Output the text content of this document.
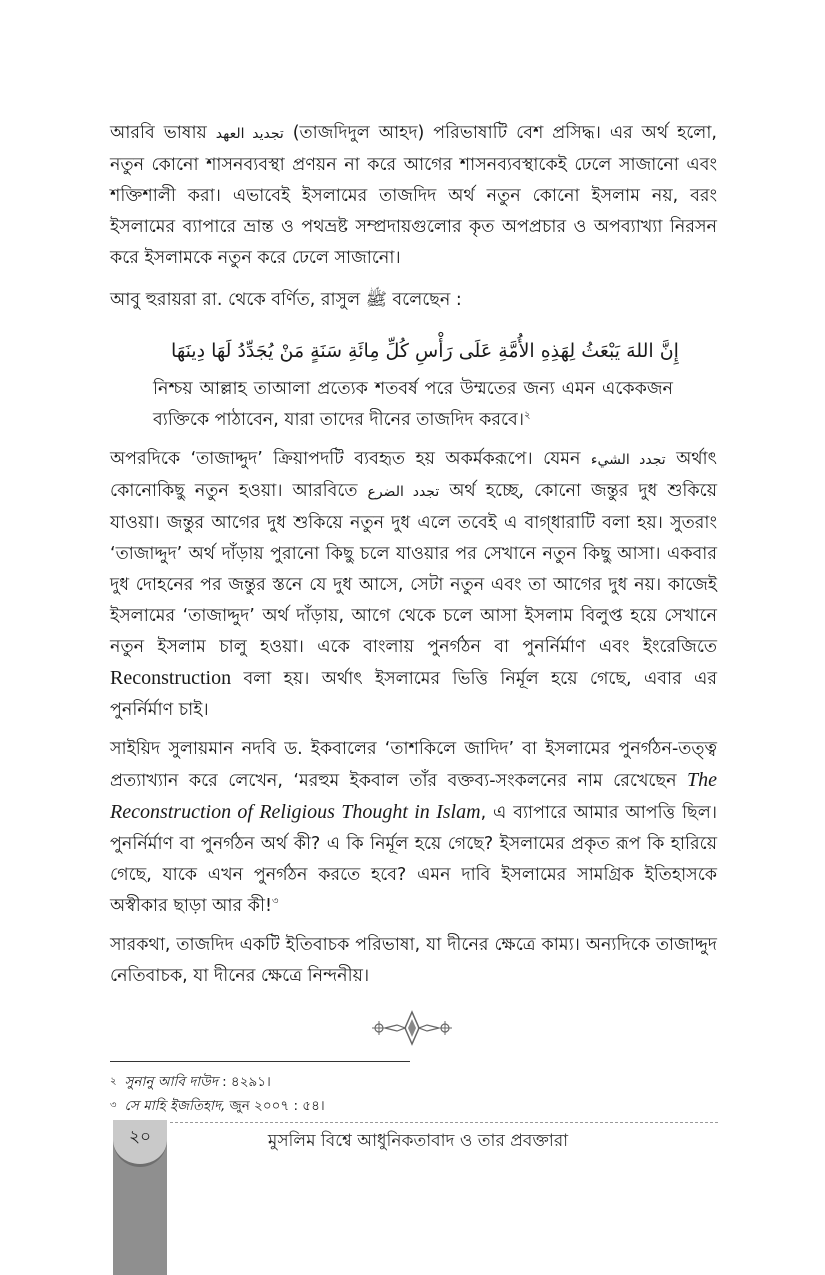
আরবি ভাষায় تجديد العهد (তাজদিদুল আহদ) পরিভাষাটি বেশ প্রসিদ্ধ। এর অর্থ হলো, নতুন কোনো শাসনব্যবস্থা প্রণয়ন না করে আগের শাসনব্যবস্থাকেই ঢেলে সাজানো এবং শক্তিশালী করা। এভাবেই ইসলামের তাজদিদ অর্থ নতুন কোনো ইসলাম নয়, বরং ইসলামের ব্যাপারে ভ্রান্ত ও পথভ্রষ্ট সম্প্রদায়গুলোর কৃত অপপ্রচার ও অপব্যাখ্যা নিরসন করে ইসলামকে নতুন করে ঢেলে সাজানো।

আবু হুরায়রা রা. থেকে বর্ণিত, রাসুল ﷺ বলেছেন :

إِنَّ اللهَ يَبْعَثُ لِهَذِهِ الأُمَّةِ عَلَى رَأْسِ كُلِّ مِائَةِ سَنَةٍ مَنْ يُجَدِّدُ لَهَا دِينَهَا
নিশ্চয় আল্লাহ তাআলা প্রত্যেক শতবর্ষ পরে উম্মতের জন্য এমন একেকজন ব্যক্তিকে পাঠাবেন, যারা তাদের দীনের তাজদিদ করবে।$^২$

অপরদিকে ‘তাজাদ্দুদ’ ক্রিয়াপদটি ব্যবহৃত হয় অকর্মকরূপে। যেমন تجدد الشيء অর্থাৎ কোনোকিছু নতুন হওয়া। আরবিতে تجدد الضرع অর্থ হচ্ছে, কোনো জন্তুর দুধ শুকিয়ে যাওয়া। জন্তুর আগের দুধ শুকিয়ে নতুন দুধ এলে তবেই এ বাগ্‌ধারাটি বলা হয়। সুতরাং ‘তাজাদ্দুদ’ অর্থ দাঁড়ায় পুরানো কিছু চলে যাওয়ার পর সেখানে নতুন কিছু আসা। একবার দুধ দোহনের পর জন্তুর স্তনে যে দুধ আসে, সেটা নতুন এবং তা আগের দুধ নয়। কাজেই ইসলামের ‘তাজাদ্দুদ’ অর্থ দাঁড়ায়, আগে থেকে চলে আসা ইসলাম বিলুপ্ত হয়ে সেখানে নতুন ইসলাম চালু হওয়া। একে বাংলায় পুনর্গঠন বা পুনর্নির্মাণ এবং ইংরেজিতে Reconstruction বলা হয়। অর্থাৎ ইসলামের ভিত্তি নির্মূল হয়ে গেছে, এবার এর পুনর্নির্মাণ চাই।

সাইয়িদ সুলায়মান নদবি ড. ইকবালের ‘তাশকিলে জাদিদ’ বা ইসলামের পুনর্গঠন-তত্ত্ব প্রত্যাখ্যান করে লেখেন, ‘মরহুম ইকবাল তাঁর বক্তব্য-সংকলনের নাম রেখেছেন The Reconstruction of Religious Thought in Islam, এ ব্যাপারে আমার আপত্তি ছিল। পুনর্নির্মাণ বা পুনর্গঠন অর্থ কী? এ কি নির্মূল হয়ে গেছে? ইসলামের প্রকৃত রূপ কি হারিয়ে গেছে, যাকে এখন পুনর্গঠন করতে হবে? এমন দাবি ইসলামের সামগ্রিক ইতিহাসকে অস্বীকার ছাড়া আর কী!$^৩$

সারকথা, তাজদিদ একটি ইতিবাচক পরিভাষা, যা দীনের ক্ষেত্রে কাম্য। অন্যদিকে তাজাদ্দুদ নেতিবাচক, যা দীনের ক্ষেত্রে নিন্দনীয়।

$^২$ সুনানু আবি দাউদ : ৪২৯১।
$^৩$ সে মাহি ইজতিহাদ, জুন ২০০৭ : ৫৪।
২০	মুসলিম বিশ্বে আধুনিকতাবাদ ও তার প্রবক্তারা
